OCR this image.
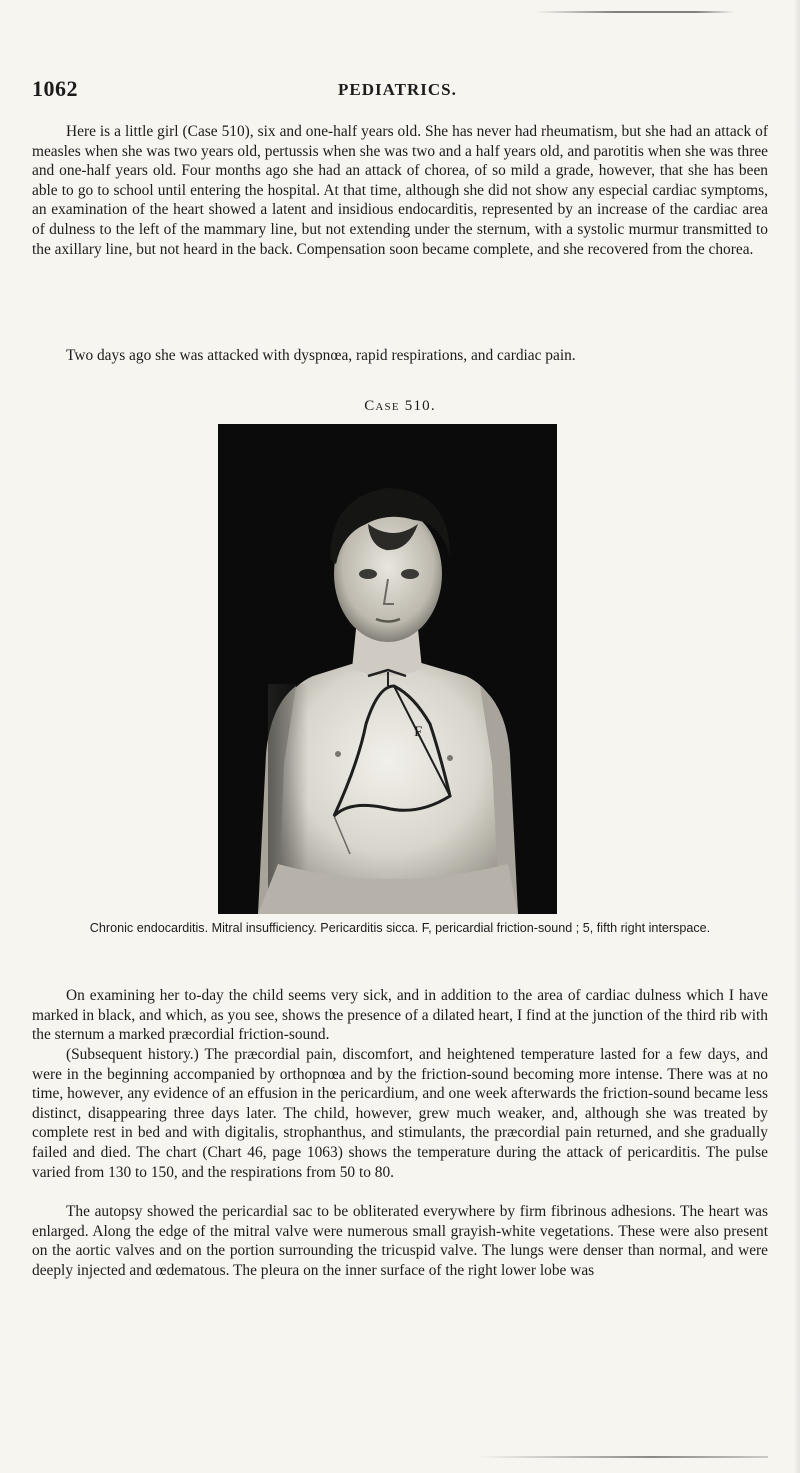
1062	PEDIATRICS.

Here is a little girl (Case 510), six and one-half years old. She has never had rheumatism, but she had an attack of measles when she was two years old, pertussis when she was two and a half years old, and parotitis when she was three and one-half years old. Four months ago she had an attack of chorea, of so mild a grade, however, that she has been able to go to school until entering the hospital. At that time, although she did not show any especial cardiac symptoms, an examination of the heart showed a latent and insidious endocarditis, represented by an increase of the cardiac area of dulness to the left of the mammary line, but not extending under the sternum, with a systolic murmur transmitted to the axillary line, but not heard in the back. Compensation soon became complete, and she recovered from the chorea.

Two days ago she was attacked with dyspnœa, rapid respirations, and cardiac pain.

Case 510.
F
Chronic endocarditis. Mitral insufficiency. Pericarditis sicca. F, pericardial friction-sound ; 5, fifth right interspace.

On examining her to-day the child seems very sick, and in addition to the area of cardiac dulness which I have marked in black, and which, as you see, shows the presence of a dilated heart, I find at the junction of the third rib with the sternum a marked præcordial friction-sound.

(Subsequent history.) The præcordial pain, discomfort, and heightened temperature lasted for a few days, and were in the beginning accompanied by orthopnœa and by the friction-sound becoming more intense. There was at no time, however, any evidence of an effusion in the pericardium, and one week afterwards the friction-sound became less distinct, disappearing three days later. The child, however, grew much weaker, and, although she was treated by complete rest in bed and with digitalis, strophanthus, and stimulants, the præcordial pain returned, and she gradually failed and died. The chart (Chart 46, page 1063) shows the temperature during the attack of pericarditis. The pulse varied from 130 to 150, and the respirations from 50 to 80.

The autopsy showed the pericardial sac to be obliterated everywhere by firm fibrinous adhesions. The heart was enlarged. Along the edge of the mitral valve were numerous small grayish-white vegetations. These were also present on the aortic valves and on the portion surrounding the tricuspid valve. The lungs were denser than normal, and were deeply injected and œdematous. The pleura on the inner surface of the right lower lobe was
